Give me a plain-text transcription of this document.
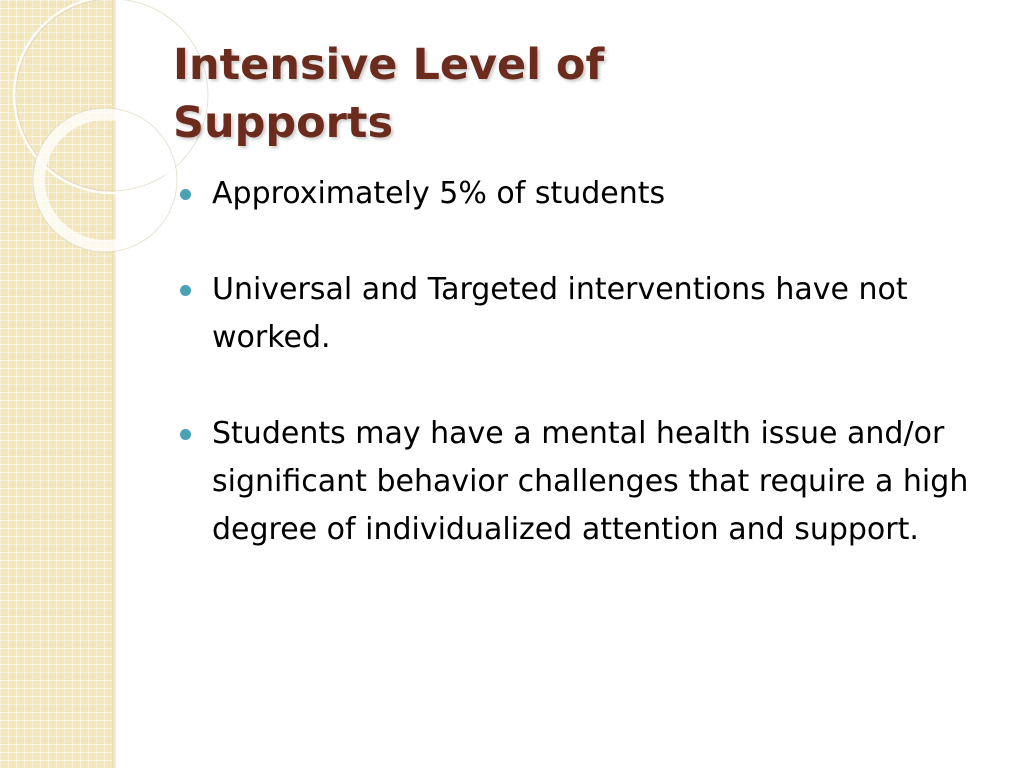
Intensive Level of
Supports
Approximately 5% of students
Universal and Targeted interventions have not worked.
Students may have a mental health issue and/or significant behavior challenges that require a high degree of individualized attention and support.
